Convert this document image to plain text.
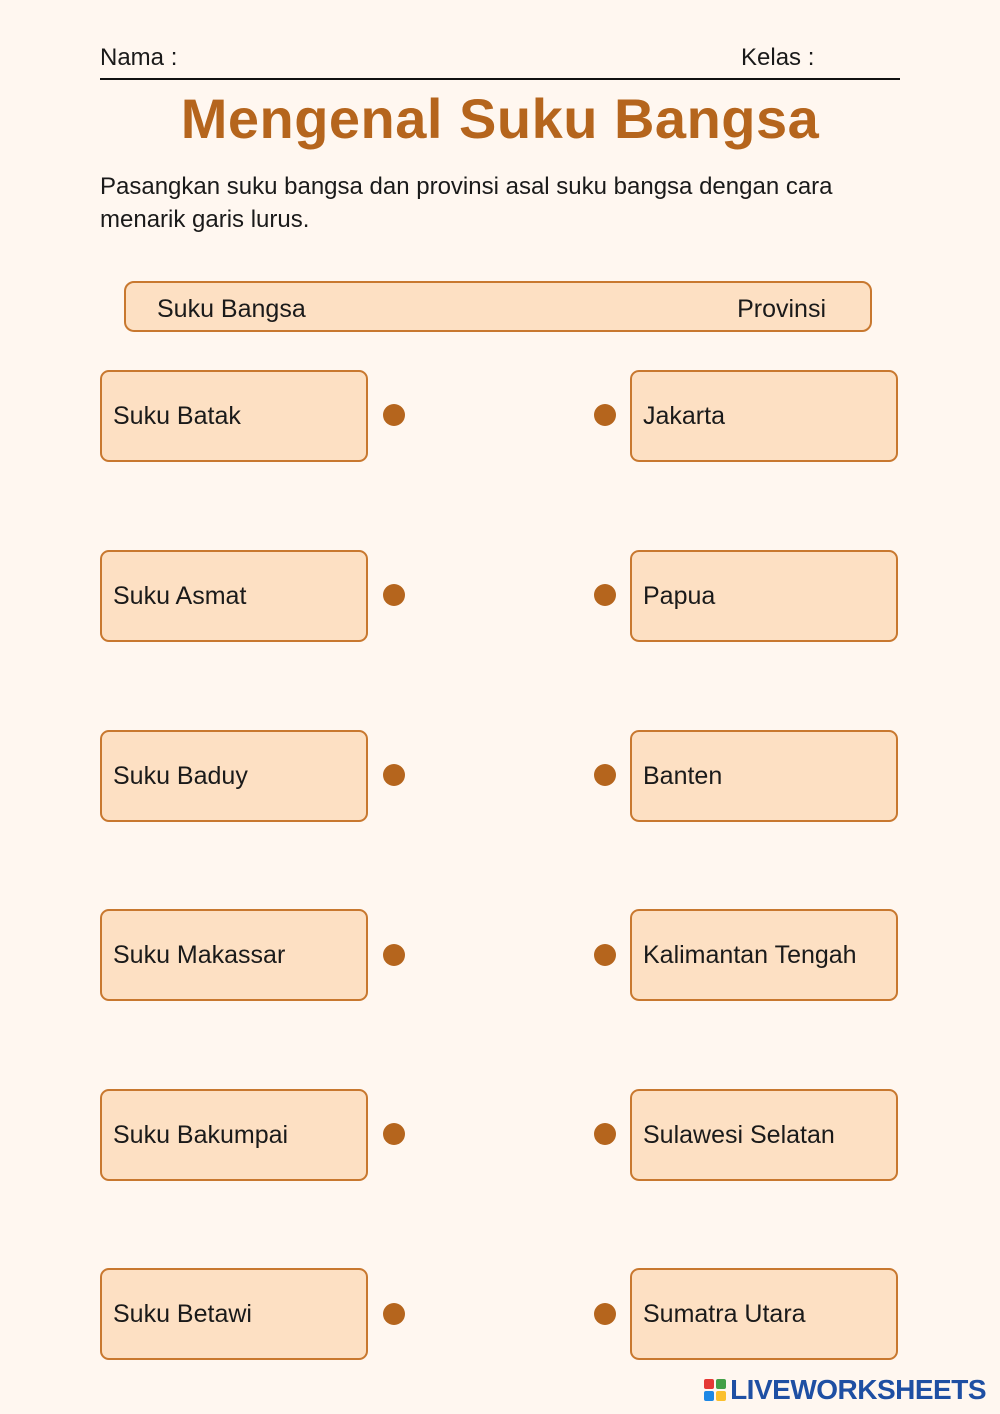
Nama :	Kelas :
Mengenal Suku Bangsa
Pasangkan suku bangsa dan provinsi asal suku bangsa dengan cara menarik garis lurus.
Suku Bangsa	Provinsi
Suku Batak	Jakarta
Suku Asmat	Papua
Suku Baduy	Banten
Suku Makassar	Kalimantan Tengah
Suku Bakumpai	Sulawesi Selatan
Suku Betawi	Sumatra Utara
LIVEWORKSHEETS
